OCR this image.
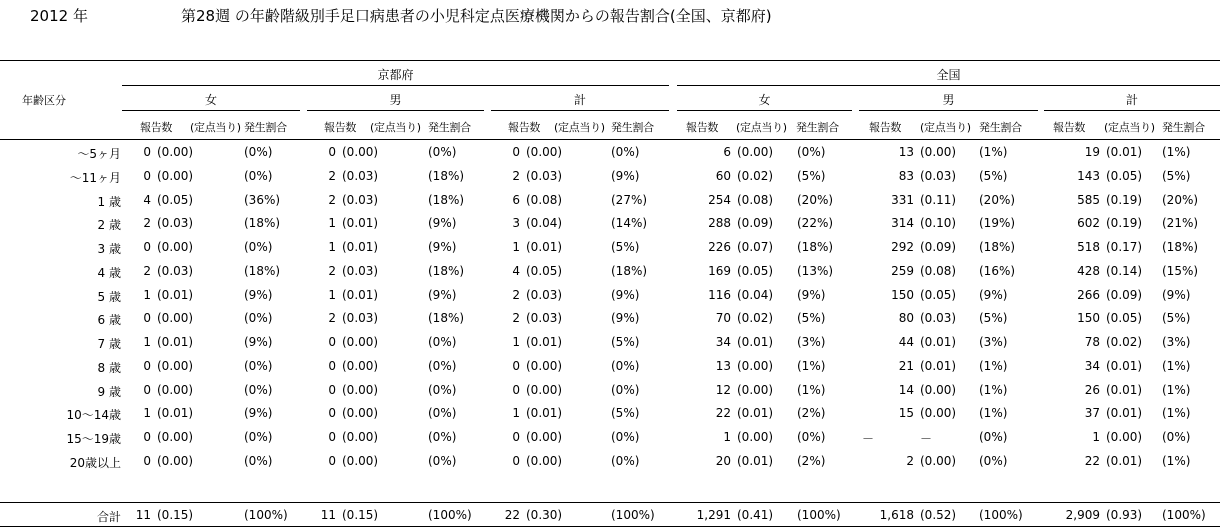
2012 年	第28週 の年齢階級別手足口病患者の小児科定点医療機関からの報告割合(全国、京都府)
年齢区分
京都府	全国
女	男	計	女	男	計
報告数 (定点当り) 発生割合	報告数 (定点当り) 発生割合	報告数 (定点当り) 発生割合	報告数 (定点当り) 発生割合	報告数 (定点当り) 発生割合	報告数 (定点当り) 発生割合
～5ヶ月	0 (0.00)	(0%)	0 (0.00)	(0%)	0 (0.00)	(0%)	6 (0.00) (0%)	13 (0.00) (1%)	19 (0.01) (1%)
～11ヶ月	0 (0.00)	(0%)	2 (0.03)	(18%)	2 (0.03)	(9%)	60 (0.02) (5%)	83 (0.03) (5%)	143 (0.05) (5%)
1 歳	4 (0.05)	(36%)	2 (0.03)	(18%)	6 (0.08)	(27%)	254 (0.08) (20%)	331 (0.11) (20%)	585 (0.19) (20%)
2 歳	2 (0.03)	(18%)	1 (0.01)	(9%)	3 (0.04)	(14%)	288 (0.09) (22%)	314 (0.10) (19%)	602 (0.19) (21%)
3 歳	0 (0.00)	(0%)	1 (0.01)	(9%)	1 (0.01)	(5%)	226 (0.07) (18%)	292 (0.09) (18%)	518 (0.17) (18%)
4 歳	2 (0.03)	(18%)	2 (0.03)	(18%)	4 (0.05)	(18%)	169 (0.05) (13%)	259 (0.08) (16%)	428 (0.14) (15%)
5 歳	1 (0.01)	(9%)	1 (0.01)	(9%)	2 (0.03)	(9%)	116 (0.04) (9%)	150 (0.05) (9%)	266 (0.09) (9%)
6 歳	0 (0.00)	(0%)	2 (0.03)	(18%)	2 (0.03)	(9%)	70 (0.02) (5%)	80 (0.03) (5%)	150 (0.05) (5%)
7 歳	1 (0.01)	(9%)	0 (0.00)	(0%)	1 (0.01)	(5%)	34 (0.01) (3%)	44 (0.01) (3%)	78 (0.02) (3%)
8 歳	0 (0.00)	(0%)	0 (0.00)	(0%)	0 (0.00)	(0%)	13 (0.00) (1%)	21 (0.01) (1%)	34 (0.01) (1%)
9 歳	0 (0.00)	(0%)	0 (0.00)	(0%)	0 (0.00)	(0%)	12 (0.00) (1%)	14 (0.00) (1%)	26 (0.01) (1%)
10～14歳	1 (0.01)	(9%)	0 (0.00)	(0%)	1 (0.01)	(5%)	22 (0.01) (2%)	15 (0.00) (1%)	37 (0.01) (1%)
15～19歳	0 (0.00)	(0%)	0 (0.00)	(0%)	0 (0.00)	(0%)	1 (0.00) (0%)	－	－	(0%)	1 (0.00) (0%)
20歳以上	0 (0.00)	(0%)	0 (0.00)	(0%)	0 (0.00)	(0%)	20 (0.01) (2%)	2 (0.00) (0%)	22 (0.01) (1%)
合計	11 (0.15)	(100%)	11 (0.15)	(100%)	22 (0.30)	(100%)	1,291 (0.41) (100%)	1,618 (0.52) (100%)	2,909 (0.93) (100%)
